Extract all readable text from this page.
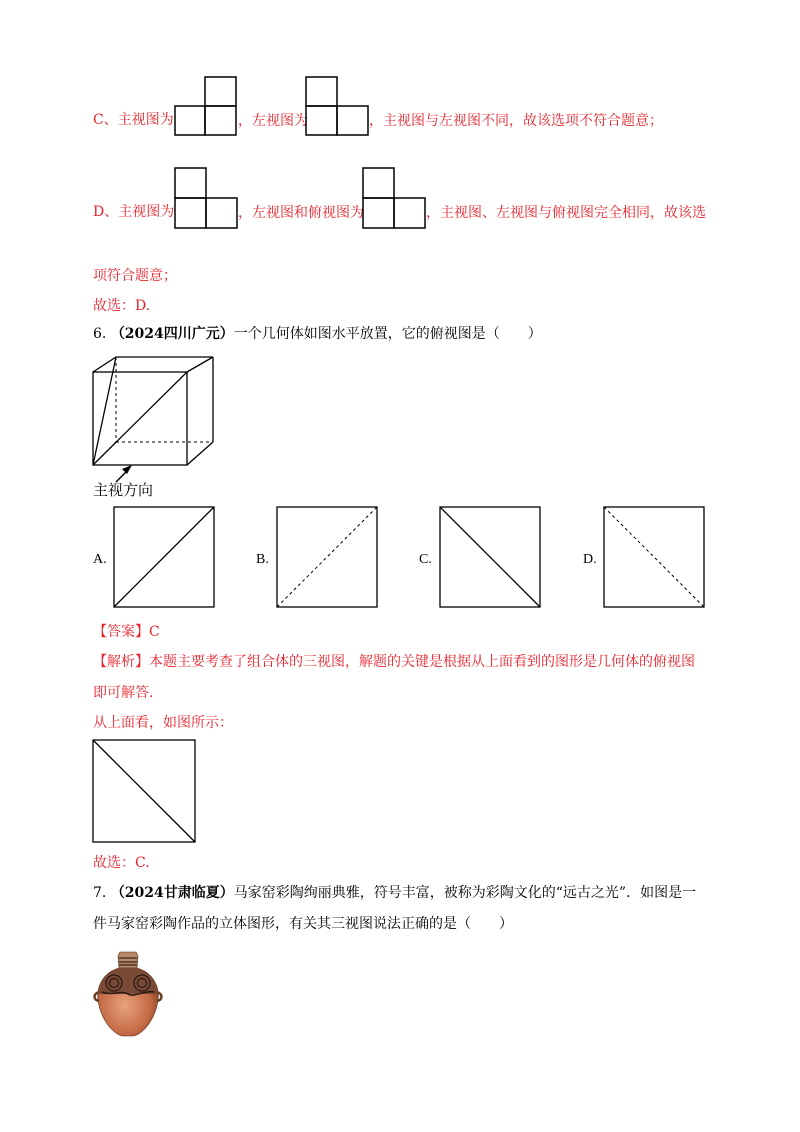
C、主视图为	，左视图为	，主视图与左视图不同，故该选项不符合题意；
D、主视图为	，左视图和俯视图为	，主视图、左视图与俯视图完全相同，故该选
项符合题意；
故选：D.
6. （2024四川广元）一个几何体如图水平放置，它的俯视图是（　　）
主视方向
A.	B.	C.	D.
【答案】C
【解析】本题主要考查了组合体的三视图，解题的关键是根据从上面看到的图形是几何体的俯视图
即可解答.
从上面看，如图所示：
故选：C.
7. （2024甘肃临夏）马家窑彩陶绚丽典雅，符号丰富，被称为彩陶文化的“远古之光”．如图是一
件马家窑彩陶作品的立体图形，有关其三视图说法正确的是（　　）
